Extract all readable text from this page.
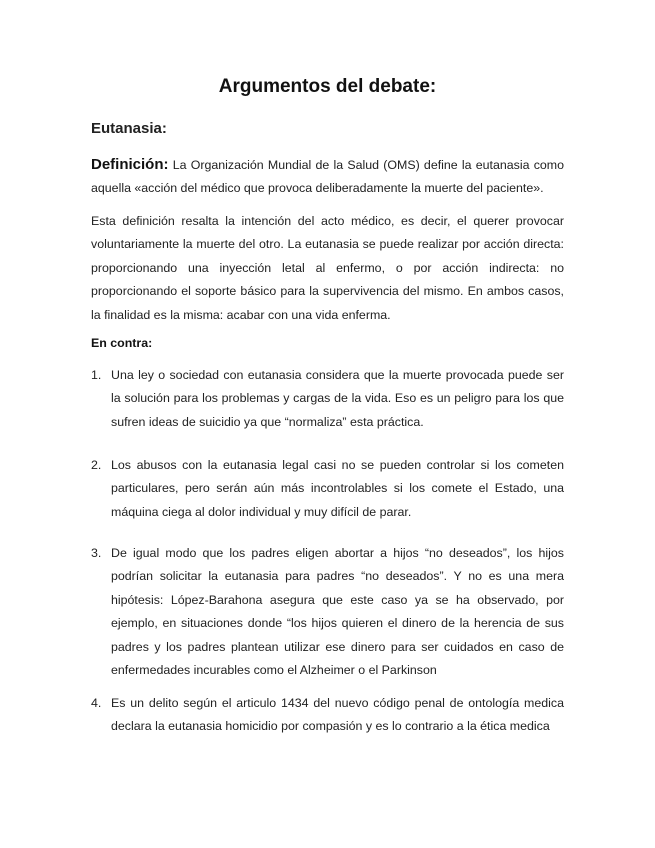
Argumentos del debate:
Eutanasia:
Definición: La Organización Mundial de la Salud (OMS) define la eutanasia como aquella «acción del médico que provoca deliberadamente la muerte del paciente».
Esta definición resalta la intención del acto médico, es decir, el querer provocar voluntariamente la muerte del otro. La eutanasia se puede realizar por acción directa: proporcionando una inyección letal al enfermo, o por acción indirecta: no proporcionando el soporte básico para la supervivencia del mismo. En ambos casos, la finalidad es la misma: acabar con una vida enferma.
En contra:
1. Una ley o sociedad con eutanasia considera que la muerte provocada puede ser la solución para los problemas y cargas de la vida. Eso es un peligro para los que sufren ideas de suicidio ya que “normaliza” esta práctica.
2. Los abusos con la eutanasia legal casi no se pueden controlar si los cometen particulares, pero serán aún más incontrolables si los comete el Estado, una máquina ciega al dolor individual y muy difícil de parar.
3. De igual modo que los padres eligen abortar a hijos “no deseados”, los hijos podrían solicitar la eutanasia para padres “no deseados”. Y no es una mera hipótesis: López-Barahona asegura que este caso ya se ha observado, por ejemplo, en situaciones donde “los hijos quieren el dinero de la herencia de sus padres y los padres plantean utilizar ese dinero para ser cuidados en caso de enfermedades incurables como el Alzheimer o el Parkinson
4. Es un delito según el articulo 1434 del nuevo código penal de ontología medica declara la eutanasia homicidio por compasión y es lo contrario a la ética medica
